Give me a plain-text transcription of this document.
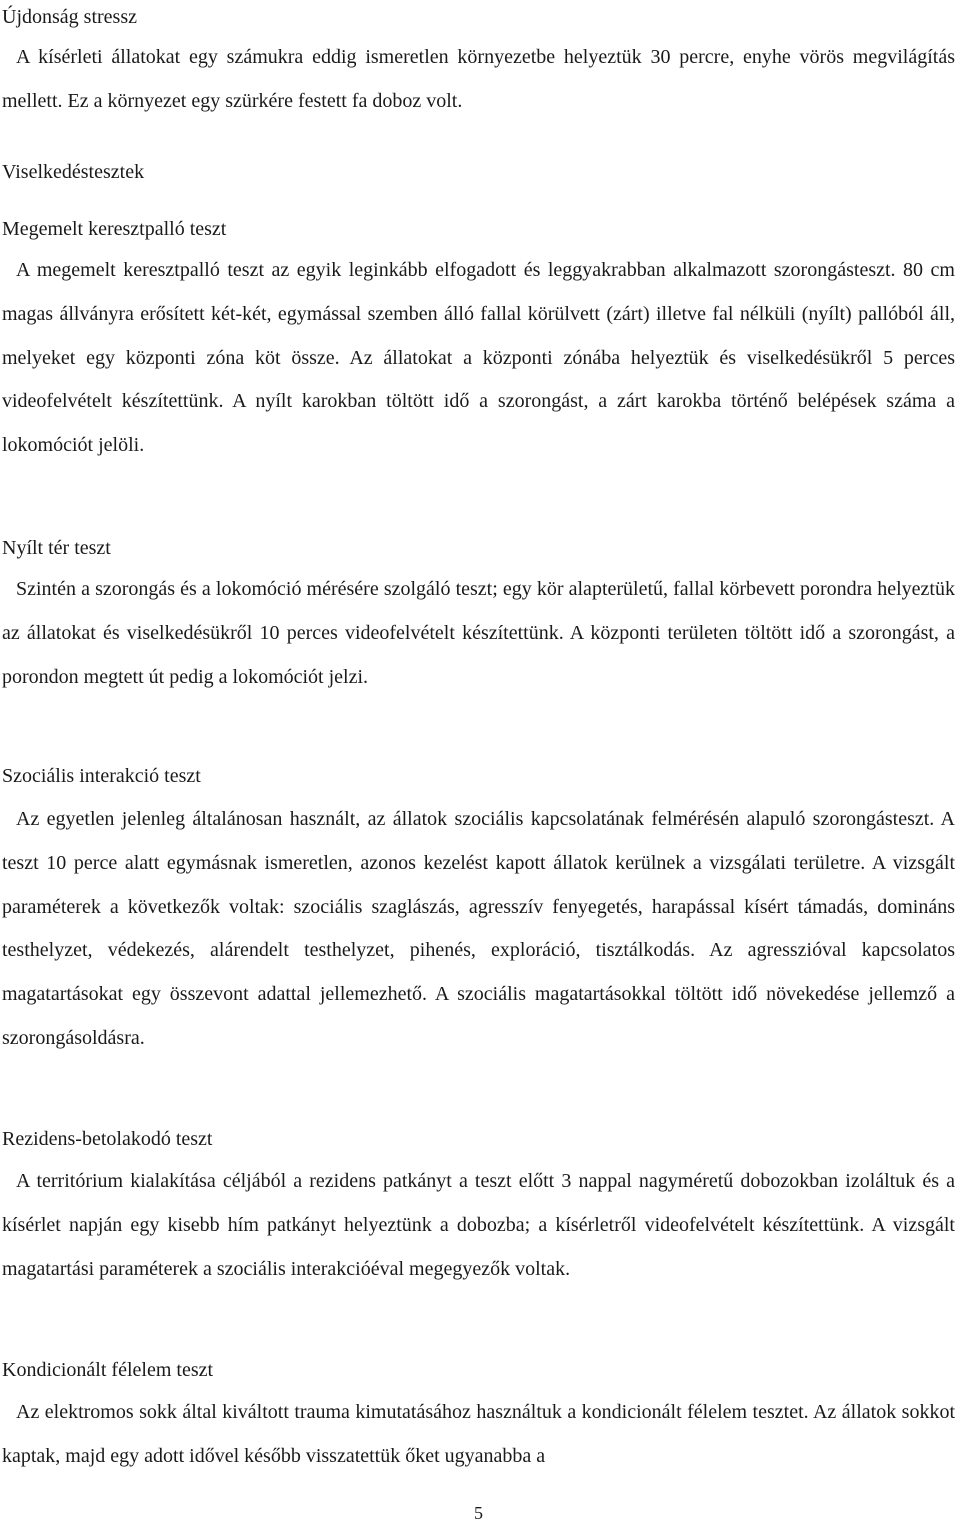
Újdonság stressz

A kísérleti állatokat egy számukra eddig ismeretlen környezetbe helyeztük 30 percre, enyhe vörös megvilágítás mellett. Ez a környezet egy szürkére festett fa doboz volt.

Viselkedéstesztek
Megemelt keresztpalló teszt

A megemelt keresztpalló teszt az egyik leginkább elfogadott és leggyakrabban alkalmazott szorongásteszt. 80 cm magas állványra erősített két-két, egymással szemben álló fallal körülvett (zárt) illetve fal nélküli (nyílt) pallóból áll, melyeket egy központi zóna köt össze. Az állatokat a központi zónába helyeztük és viselkedésükről 5 perces videofelvételt készítettünk. A nyílt karokban töltött idő a szorongást, a zárt karokba történő belépések száma a lokomóciót jelöli.

Nyílt tér teszt

Szintén a szorongás és a lokomóció mérésére szolgáló teszt; egy kör alapterületű, fallal körbevett porondra helyeztük az állatokat és viselkedésükről 10 perces videofelvételt készítettünk. A központi területen töltött idő a szorongást, a porondon megtett út pedig a lokomóciót jelzi.

Szociális interakció teszt

Az egyetlen jelenleg általánosan használt, az állatok szociális kapcsolatának felmérésén alapuló szorongásteszt. A teszt 10 perce alatt egymásnak ismeretlen, azonos kezelést kapott állatok kerülnek a vizsgálati területre. A vizsgált paraméterek a következők voltak: szociális szaglászás, agresszív fenyegetés, harapással kísért támadás, domináns testhelyzet, védekezés, alárendelt testhelyzet, pihenés, exploráció, tisztálkodás. Az agresszióval kapcsolatos magatartásokat egy összevont adattal jellemezhető. A szociális magatartásokkal töltött idő növekedése jellemző a szorongásoldásra.

Rezidens-betolakodó teszt

A territórium kialakítása céljából a rezidens patkányt a teszt előtt 3 nappal nagyméretű dobozokban izoláltuk és a kísérlet napján egy kisebb hím patkányt helyeztünk a dobozba; a kísérletről videofelvételt készítettünk. A vizsgált magatartási paraméterek a szociális interakcióéval megegyezők voltak.

Kondicionált félelem teszt

Az elektromos sokk által kiváltott trauma kimutatásához használtuk a kondicionált félelem tesztet. Az állatok sokkot kaptak, majd egy adott idővel később visszatettük őket ugyanabba a

5
